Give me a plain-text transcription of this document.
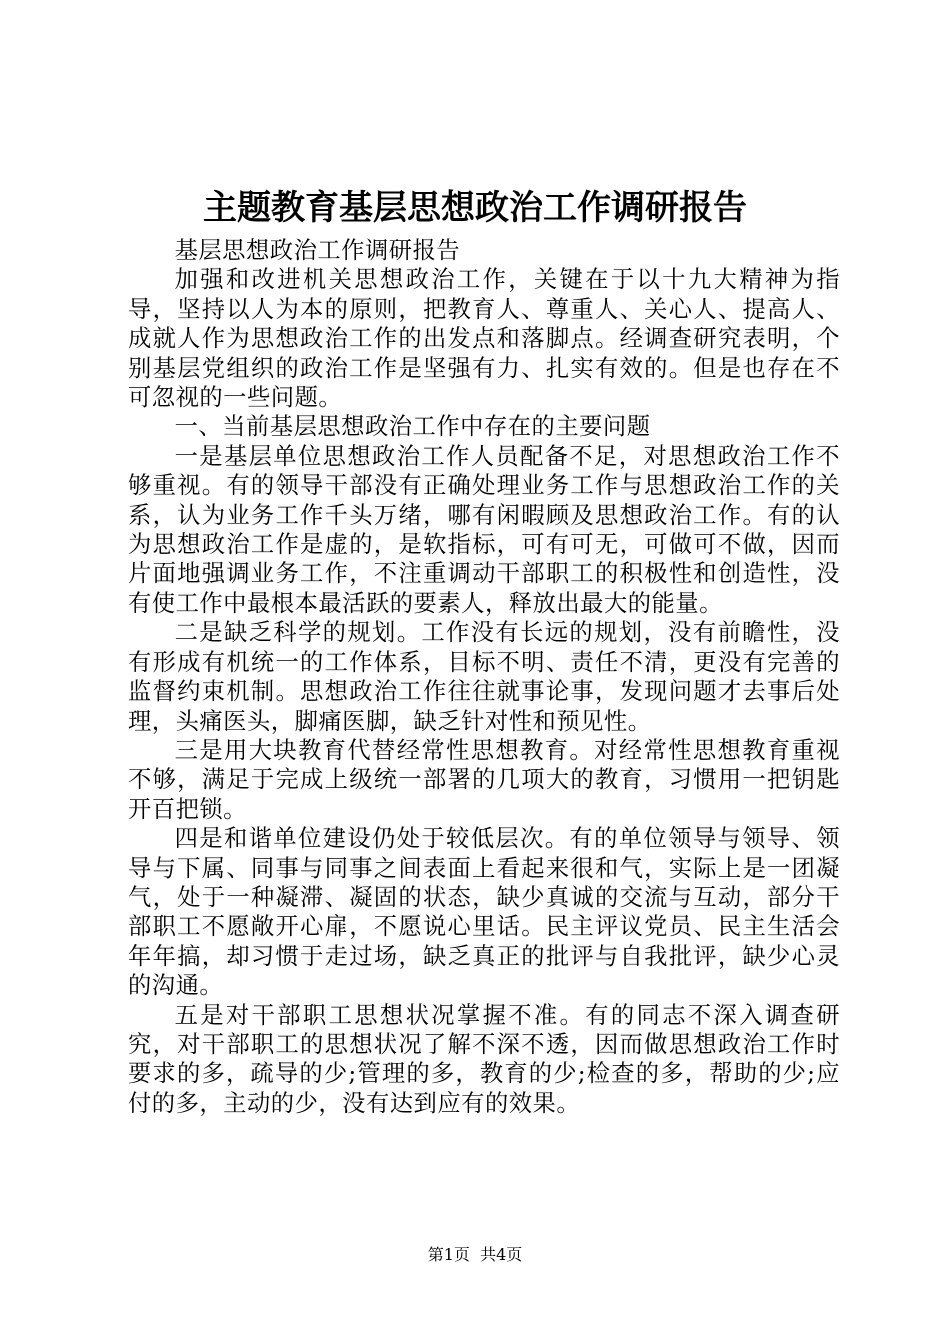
主题教育基层思想政治工作调研报告

基层思想政治工作调研报告

加强和改进机关思想政治工作，关键在于以十九大精神为指导，坚持以人为本的原则，把教育人、尊重人、关心人、提高人、成就人作为思想政治工作的出发点和落脚点。经调查研究表明，个别基层党组织的政治工作是坚强有力、扎实有效的。但是也存在不可忽视的一些问题。

一、当前基层思想政治工作中存在的主要问题

一是基层单位思想政治工作人员配备不足，对思想政治工作不够重视。有的领导干部没有正确处理业务工作与思想政治工作的关系，认为业务工作千头万绪，哪有闲暇顾及思想政治工作。有的认为思想政治工作是虚的，是软指标，可有可无，可做可不做，因而片面地强调业务工作，不注重调动干部职工的积极性和创造性，没有使工作中最根本最活跃的要素人，释放出最大的能量。

二是缺乏科学的规划。工作没有长远的规划，没有前瞻性，没有形成有机统一的工作体系，目标不明、责任不清，更没有完善的监督约束机制。思想政治工作往往就事论事，发现问题才去事后处理，头痛医头，脚痛医脚，缺乏针对性和预见性。

三是用大块教育代替经常性思想教育。对经常性思想教育重视不够，满足于完成上级统一部署的几项大的教育，习惯用一把钥匙开百把锁。

四是和谐单位建设仍处于较低层次。有的单位领导与领导、领导与下属、同事与同事之间表面上看起来很和气，实际上是一团凝气，处于一种凝滞、凝固的状态，缺少真诚的交流与互动，部分干部职工不愿敞开心扉，不愿说心里话。民主评议党员、民主生活会年年搞，却习惯于走过场，缺乏真正的批评与自我批评，缺少心灵的沟通。

五是对干部职工思想状况掌握不准。有的同志不深入调查研究，对干部职工的思想状况了解不深不透，因而做思想政治工作时要求的多，疏导的少;管理的多，教育的少;检查的多，帮助的少;应付的多，主动的少，没有达到应有的效果。

第1页  共4页
